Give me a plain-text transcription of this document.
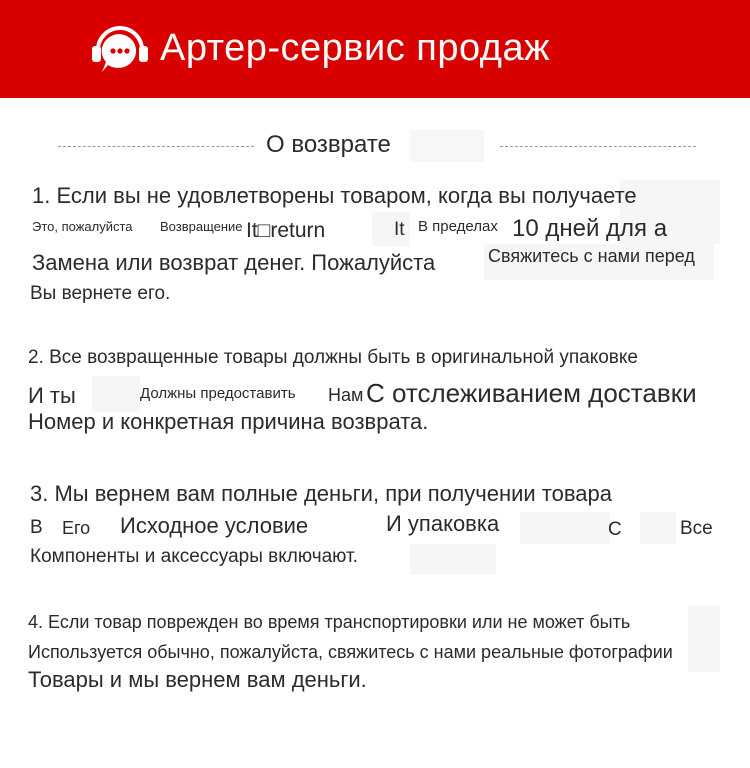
Артер-сервис продаж
О возврате
1. Если вы не удовлетворены товаром, когда вы получаете
Это, пожалуйста Возвращение It□return	It В пределах 10 дней для а
Замена или возврат денег. Пожалуйста	Свяжитесь с нами перед
Вы вернете его.
2. Все возвращенные товары должны быть в оригинальной упаковке
И ты	Должны предоставить Нам С отслеживанием доставки
Номер и конкретная причина возврата.
3. Мы вернем вам полные деньги, при получении товара
В Его Исходное условие	И упаковка	С	Все
Компоненты и аксессуары включают.
4. Если товар поврежден во время транспортировки или не может быть
Используется обычно, пожалуйста, свяжитесь с нами реальные фотографии
Товары и мы вернем вам деньги.
